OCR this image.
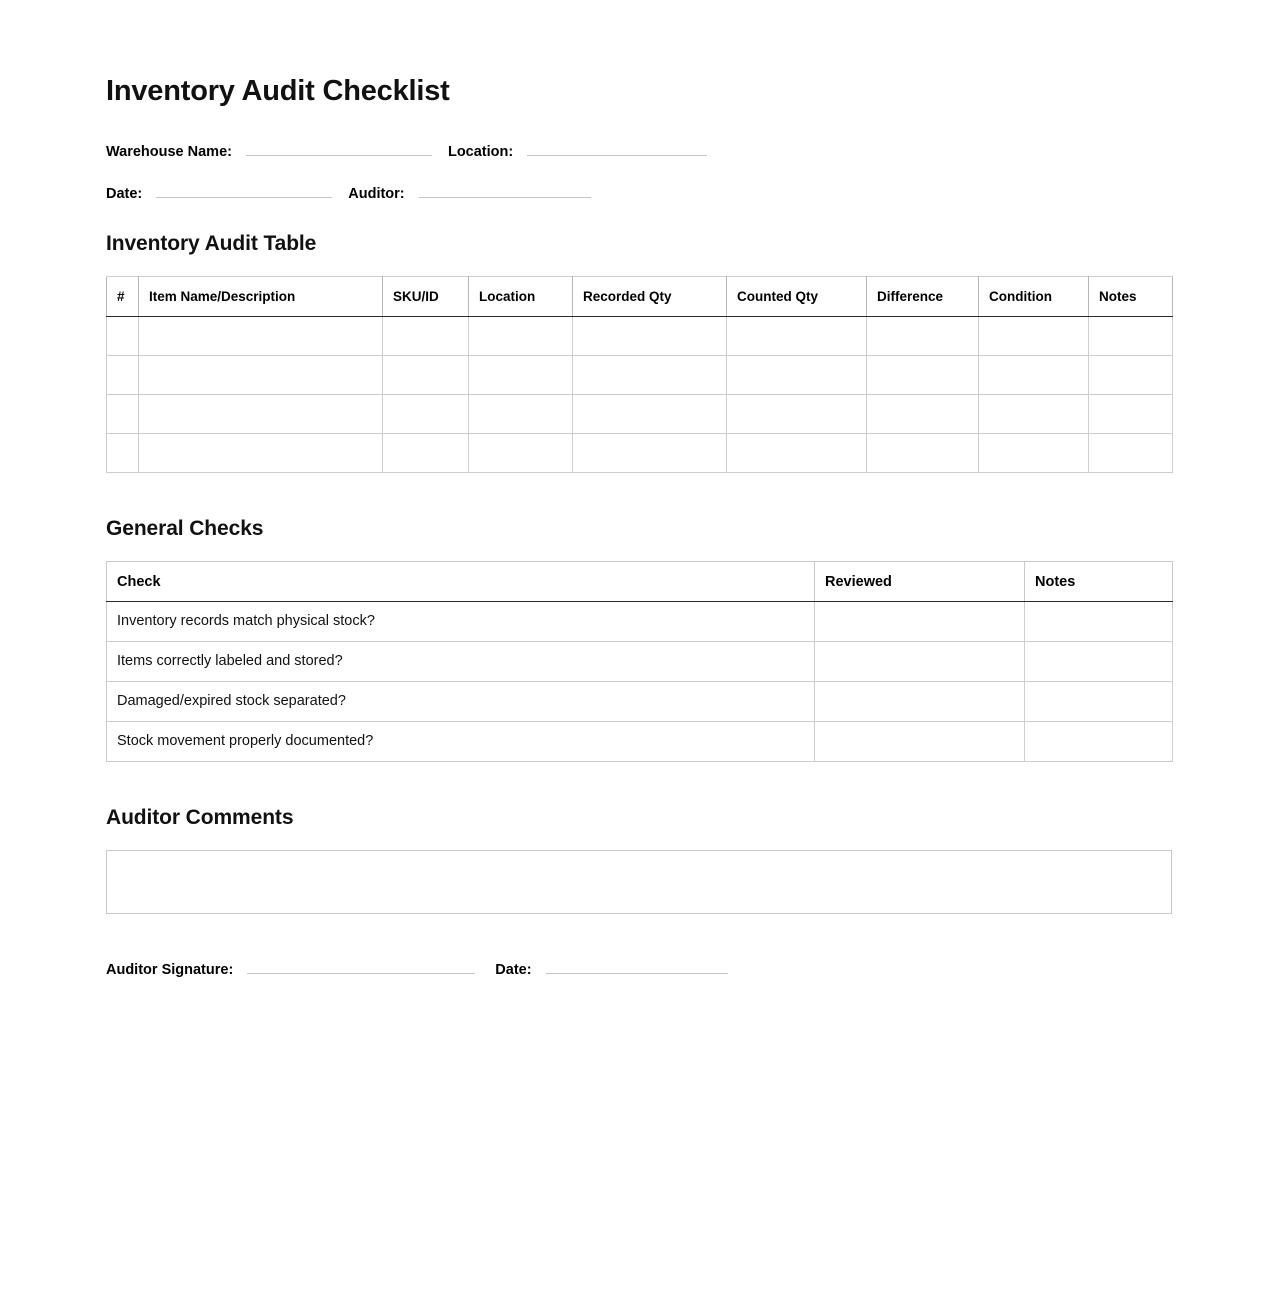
Inventory Audit Checklist
Warehouse Name:	Location:
Date:	Auditor:
Inventory Audit Table
#	Item Name/Description	SKU/ID	Location	Recorded Qty	Counted Qty	Difference	Condition	Notes

General Checks
Check	Reviewed	Notes
Inventory records match physical stock?		
Items correctly labeled and stored?		
Damaged/expired stock separated?		
Stock movement properly documented?		
Auditor Comments
Auditor Signature:	Date:
